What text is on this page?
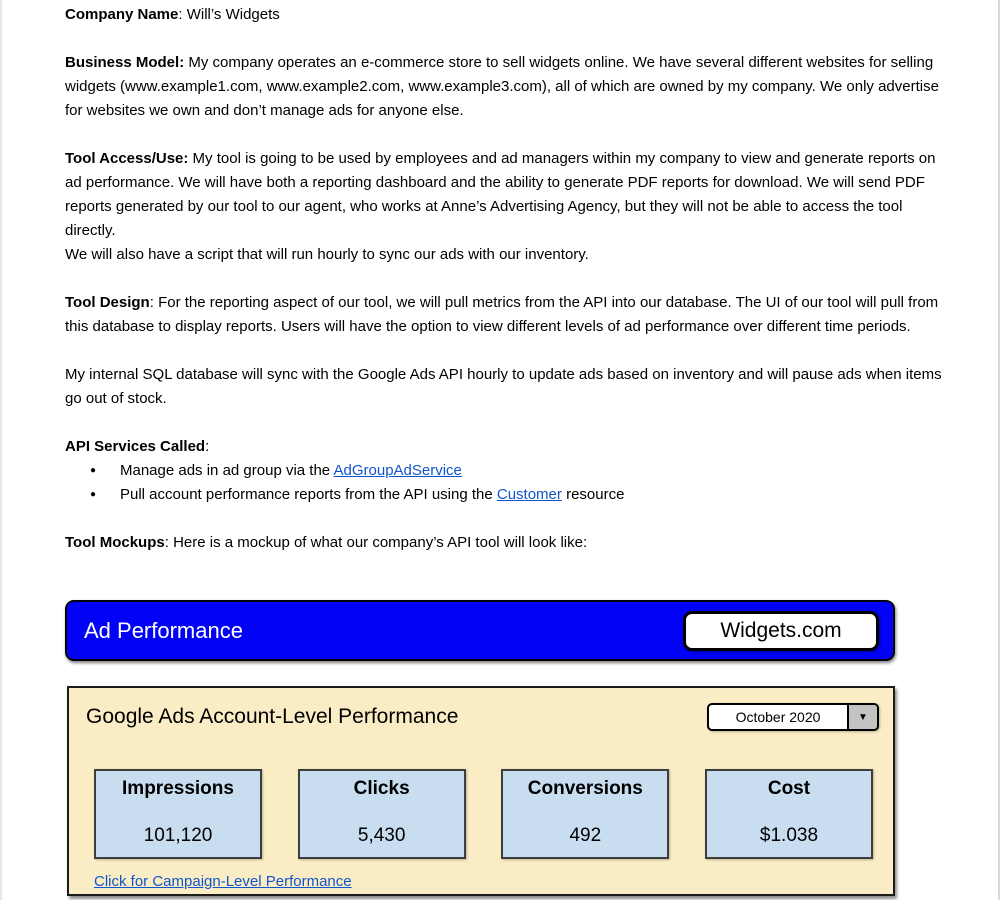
Company Name: Will’s Widgets
Business Model: My company operates an e-commerce store to sell widgets online. We have several different websites for selling widgets (www.example1.com, www.example2.com, www.example3.com), all of which are owned by my company. We only advertise for websites we own and don’t manage ads for anyone else.
Tool Access/Use: My tool is going to be used by employees and ad managers within my company to view and generate reports on ad performance. We will have both a reporting dashboard and the ability to generate PDF reports for download. We will send PDF reports generated by our tool to our agent, who works at Anne’s Advertising Agency, but they will not be able to access the tool directly.
We will also have a script that will run hourly to sync our ads with our inventory.
Tool Design: For the reporting aspect of our tool, we will pull metrics from the API into our database. The UI of our tool will pull from this database to display reports. Users will have the option to view different levels of ad performance over different time periods.
My internal SQL database will sync with the Google Ads API hourly to update ads based on inventory and will pause ads when items go out of stock.
API Services Called:
●	Manage ads in ad group via the AdGroupAdService
●	Pull account performance reports from the API using the Customer resource
Tool Mockups: Here is a mockup of what our company’s API tool will look like:
Ad Performance	Widgets.com
Google Ads Account-Level Performance	October 2020	▼
Impressions
101,120
Clicks
5,430
Conversions
492
Cost
$1.038
Click for Campaign-Level Performance
